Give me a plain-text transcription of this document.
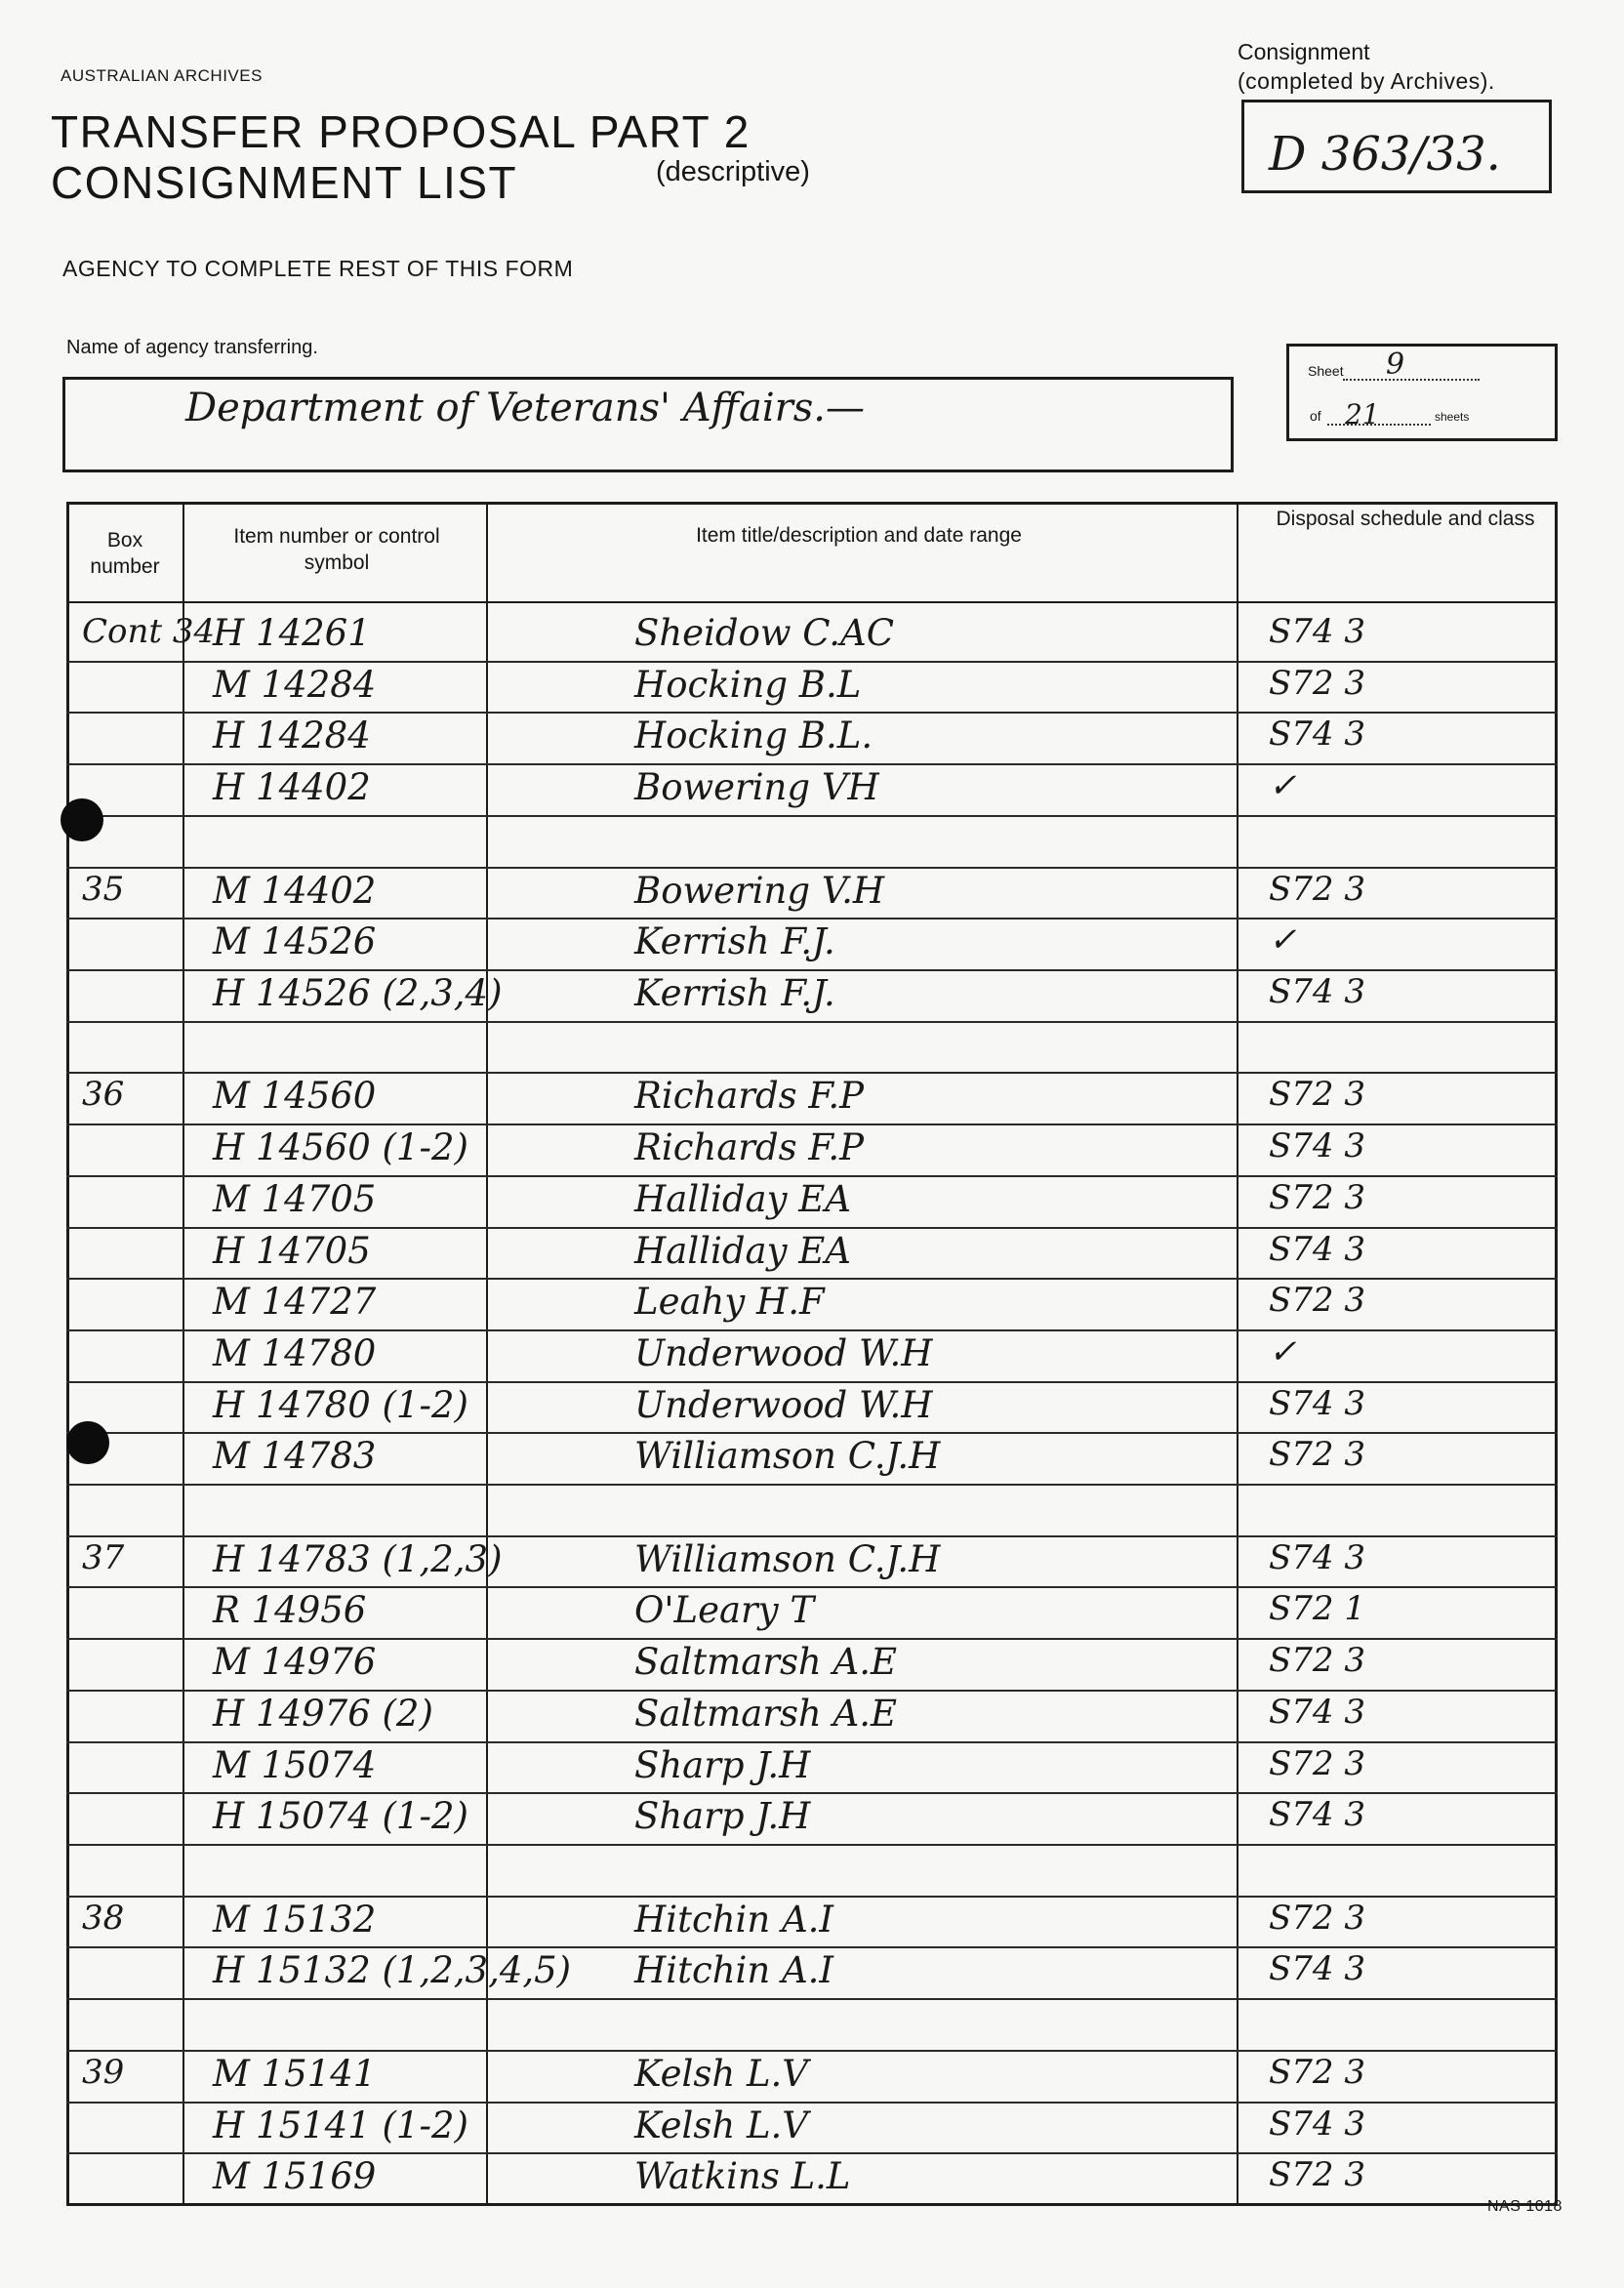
AUSTRALIAN ARCHIVES
TRANSFER PROPOSAL PART 2
CONSIGNMENT LIST	(descriptive)
Consignment
(completed by Archives).
D 363/33.
AGENCY TO COMPLETE REST OF THIS FORM
Name of agency transferring.
Department of Veterans' Affairs.—
Sheet 9
of 21	sheets
Box number
Item number or control symbol
Item title/description and date range
Disposal schedule and class
Cont 34
H 14261	Sheidow C.AC	S74 3
M 14284	Hocking B.L	S72 3
H 14284	Hocking B.L.	S74 3
H 14402	Bowering VH	✓
35 M 14402	Bowering V.H	S72 3
M 14526	Kerrish F.J.	✓
H 14526 (2,3,4)	Kerrish F.J.	S74 3
36 M 14560	Richards F.P	S72 3
H 14560 (1-2)	Richards F.P	S74 3
M 14705	Halliday EA	S72 3
H 14705	Halliday EA	S74 3
M 14727	Leahy H.F	S72 3
M 14780	Underwood W.H	✓
H 14780 (1-2)	Underwood W.H	S74 3
M 14783	Williamson C.J.H	S72 3
37 H 14783 (1,2,3)	Williamson C.J.H	S74 3
R 14956	O'Leary T	S72 1
M 14976	Saltmarsh A.E	S72 3
H 14976 (2)	Saltmarsh A.E	S74 3
M 15074	Sharp J.H	S72 3
H 15074 (1-2)	Sharp J.H	S74 3
38 M 15132	Hitchin A.I	S72 3
H 15132 (1,2,3,4,5) Hitchin A.I	S74 3
39 M 15141	Kelsh L.V	S72 3
H 15141 (1-2)	Kelsh L.V	S74 3
M 15169	Watkins L.L	S72 3
NAS 1018
